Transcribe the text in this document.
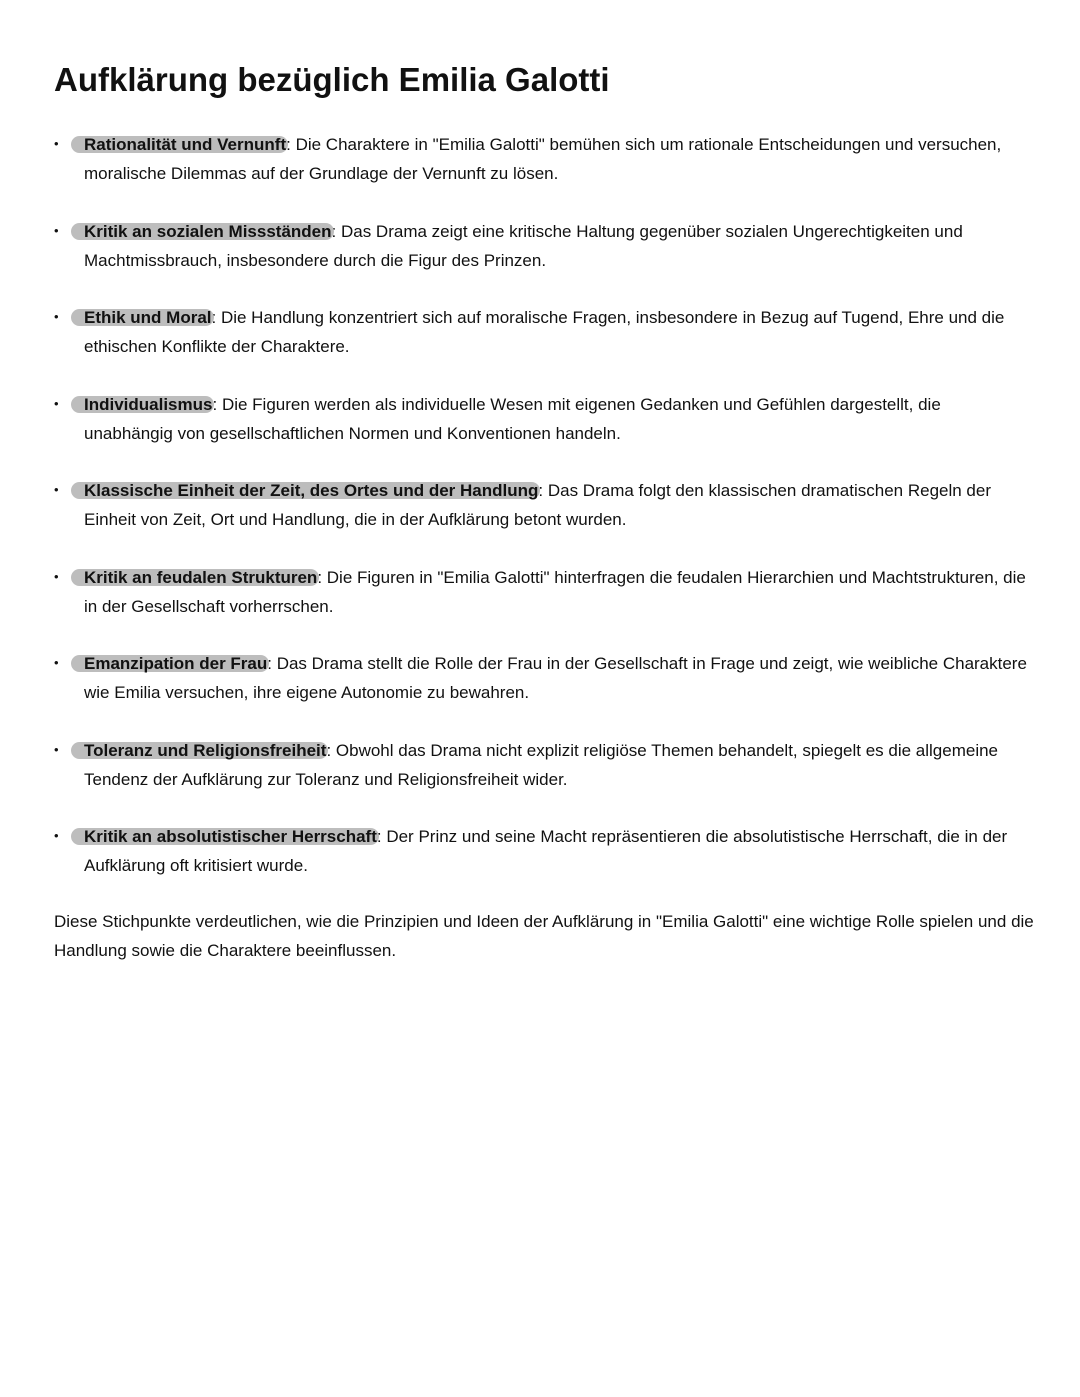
Aufklärung bezüglich Emilia Galotti
• Rationalität und Vernunft: Die Charaktere in "Emilia Galotti" bemühen sich um rationale Entscheidungen und versuchen, moralische Dilemmas auf der Grundlage der Vernunft zu lösen.

• Kritik an sozialen Missständen: Das Drama zeigt eine kritische Haltung gegenüber sozialen Ungerechtigkeiten und Machtmissbrauch, insbesondere durch die Figur des Prinzen.

• Ethik und Moral: Die Handlung konzentriert sich auf moralische Fragen, insbesondere in Bezug auf Tugend, Ehre und die ethischen Konflikte der Charaktere.

• Individualismus: Die Figuren werden als individuelle Wesen mit eigenen Gedanken und Gefühlen dargestellt, die unabhängig von gesellschaftlichen Normen und Konventionen handeln.

• Klassische Einheit der Zeit, des Ortes und der Handlung: Das Drama folgt den klassischen dramatischen Regeln der Einheit von Zeit, Ort und Handlung, die in der Aufklärung betont wurden.

• Kritik an feudalen Strukturen: Die Figuren in "Emilia Galotti" hinterfragen die feudalen Hierarchien und Machtstrukturen, die in der Gesellschaft vorherrschen.

• Emanzipation der Frau: Das Drama stellt die Rolle der Frau in der Gesellschaft in Frage und zeigt, wie weibliche Charaktere wie Emilia versuchen, ihre eigene Autonomie zu bewahren.

• Toleranz und Religionsfreiheit: Obwohl das Drama nicht explizit religiöse Themen behandelt, spiegelt es die allgemeine Tendenz der Aufklärung zur Toleranz und Religionsfreiheit wider.

• Kritik an absolutistischer Herrschaft: Der Prinz und seine Macht repräsentieren die absolutistische Herrschaft, die in der Aufklärung oft kritisiert wurde.

Diese Stichpunkte verdeutlichen, wie die Prinzipien und Ideen der Aufklärung in "Emilia Galotti" eine wichtige Rolle spielen und die Handlung sowie die Charaktere beeinflussen.
